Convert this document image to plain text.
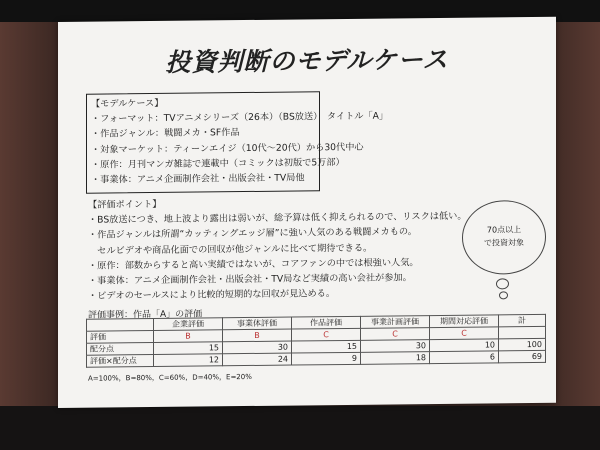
投資判断のモデルケース
【モデルケース】
・フォーマット：TVアニメシリーズ（26本）（BS放送）　タイトル「A」
・作品ジャンル：戦闘メカ・SF作品
・対象マーケット：ティーンエイジ（10代～20代）から30代中心
・原作：月刊マンガ雑誌で連載中（コミックは初版で5万部）
・事業体：アニメ企画制作会社・出版会社・TV局他
【評価ポイント】
・BS放送につき、地上波より露出は弱いが、総予算は低く抑えられるので、リスクは低い。
・作品ジャンルは所謂“カッティングエッジ層”に強い人気のある戦闘メカもの。
　セルビデオや商品化面での回収が他ジャンルに比べて期待できる。
・原作：部数からすると高い実績ではないが、コアファンの中では根強い人気。
・事業体：アニメ企画制作会社・出版会社・TV局など実績の高い会社が参加。
・ビデオのセールスにより比較的短期的な回収が見込める。
70点以上
で投資対象
評価事例：作品「A」の評価
	企業評価	事業体評価	作品評価	事業計画評価	期間対応評価	計
評価	B	B	C	C	C	
配分点	15	30	15	30	10	100
評価×配分点	12	24	9	18	6	69
A=100%，B=80%，C=60%，D=40%，E=20%
